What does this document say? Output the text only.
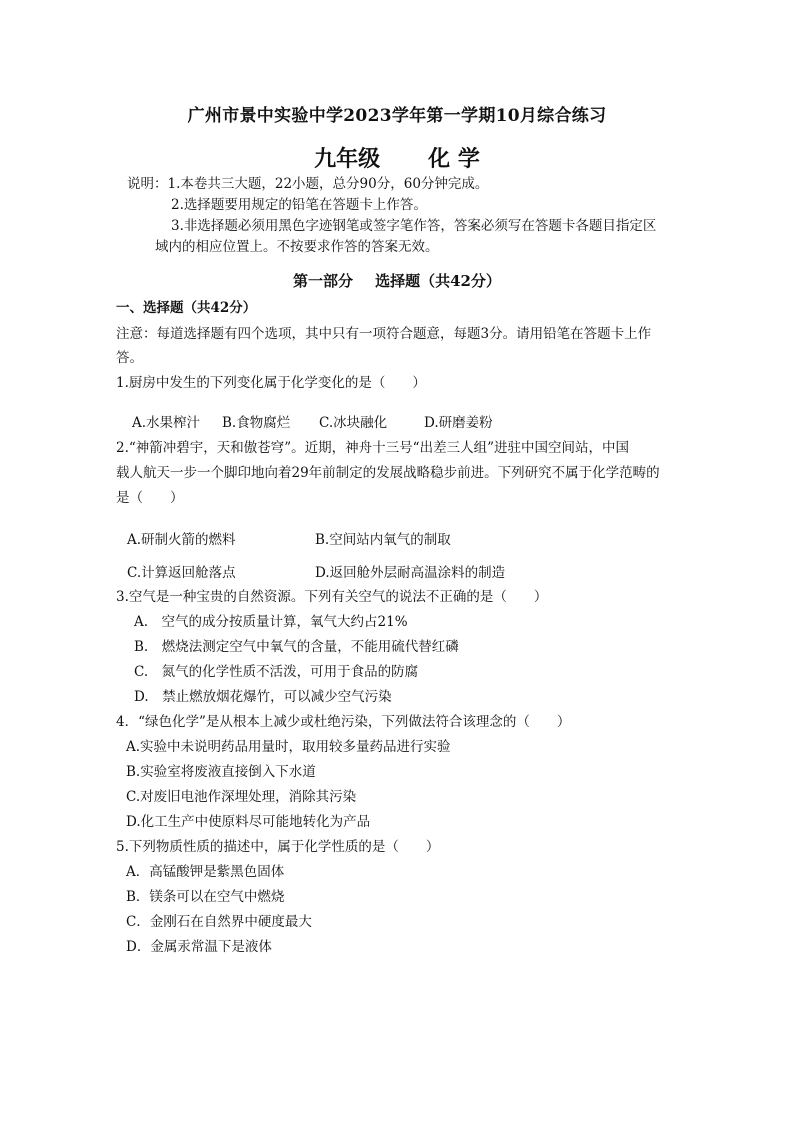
广州市景中实验中学2023学年第一学期10月综合练习
九年级 化 学
说明：1.本卷共三大题，22小题，总分90分，60分钟完成。
2.选择题要用规定的铅笔在答题卡上作答。
3.非选择题必须用黑色字迹钢笔或签字笔作答，答案必须写在答题卡各题目指定区
域内的相应位置上。不按要求作答的答案无效。
第一部分 选择题（共42分）
一、选择题（共42分）
注意：每道选择题有四个选项，其中只有一项符合题意，每题3分。请用铅笔在答题卡上作
答。
1.厨房中发生的下列变化属于化学变化的是（　　）
A.水果榨汁 B.食物腐烂 C.冰块融化	D.研磨姜粉
2.“神箭冲碧宇，天和傲苍穹”。近期，神舟十三号“出差三人组”进驻中国空间站，中国
载人航天一步一个脚印地向着29年前制定的发展战略稳步前进。下列研究不属于化学范畴的
是（　　）
A.研制火箭的燃料	B.空间站内氧气的制取
C.计算返回舱落点	D.返回舱外层耐高温涂料的制造
3.空气是一种宝贵的自然资源。下列有关空气的说法不正确的是（　　）
A.　空气的成分按质量计算，氧气大约占21%
B.　燃烧法测定空气中氧气的含量，不能用硫代替红磷
C.　氮气的化学性质不活泼，可用于食品的防腐
D.　禁止燃放烟花爆竹，可以减少空气污染
4．“绿色化学”是从根本上减少或杜绝污染，下列做法符合该理念的（　　）
A.实验中未说明药品用量时，取用较多量药品进行实验
B.实验室将废液直接倒入下水道
C.对废旧电池作深埋处理，消除其污染
D.化工生产中使原料尽可能地转化为产品
5.下列物质性质的描述中，属于化学性质的是（　　）
A．高锰酸钾是紫黑色固体
B．镁条可以在空气中燃烧
C．金刚石在自然界中硬度最大
D．金属汞常温下是液体
